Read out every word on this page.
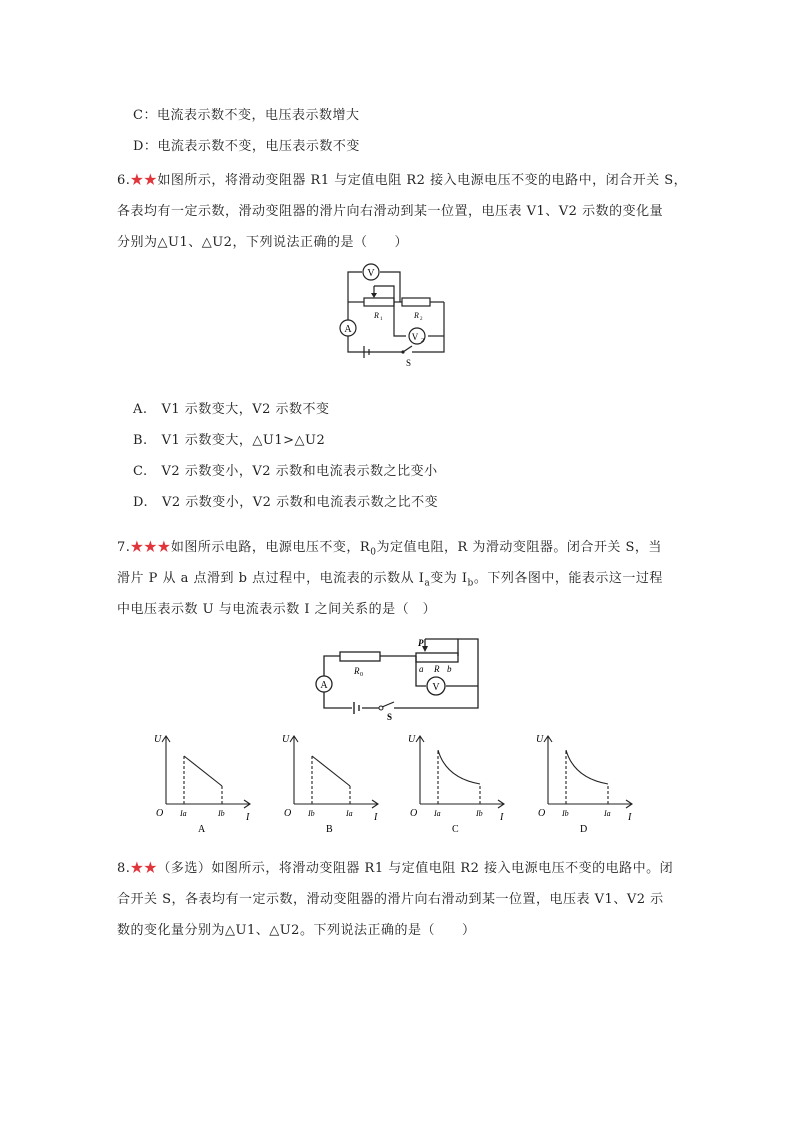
C：电流表示数不变，电压表示数增大
D：电流表示数不变，电压表示数不变
6.★★如图所示，将滑动变阻器 R1 与定值电阻 R2 接入电源电压不变的电路中，闭合开关 S，
各表均有一定示数，滑动变阻器的滑片向右滑动到某一位置，电压表 V1、V2 示数的变化量
分别为△U1、△U2，下列说法正确的是（　　）
V
A
V 2
S
R 1	R 2
A. V1 示数变大，V2 示数不变
B. V1 示数变大，△U1>△U2
C. V2 示数变小，V2 示数和电流表示数之比变小
D. V2 示数变小，V2 示数和电流表示数之比不变
7.★★★如图所示电路，电源电压不变，$R_0$为定值电阻，R 为滑动变阻器。闭合开关 S，当
滑片 P 从 a 点滑到 b 点过程中，电流表的示数从 $I_a$变为 $I_b$。下列各图中，能表示这一过程
中电压表示数 U 与电流表示数 I 之间关系的是（　）
S
A	V
P
a R b
R 0
U
O	I
Ia	Ib
A
U
O	I
Ib	Ia
B
U
O	I
Ia	Ib
C
U
O	I
Ib	Ia
D
8.★★（多选）如图所示，将滑动变阻器 R1 与定值电阻 R2 接入电源电压不变的电路中。闭
合开关 S，各表均有一定示数，滑动变阻器的滑片向右滑动到某一位置，电压表 V1、V2 示
数的变化量分别为△U1、△U2。下列说法正确的是（　　）
